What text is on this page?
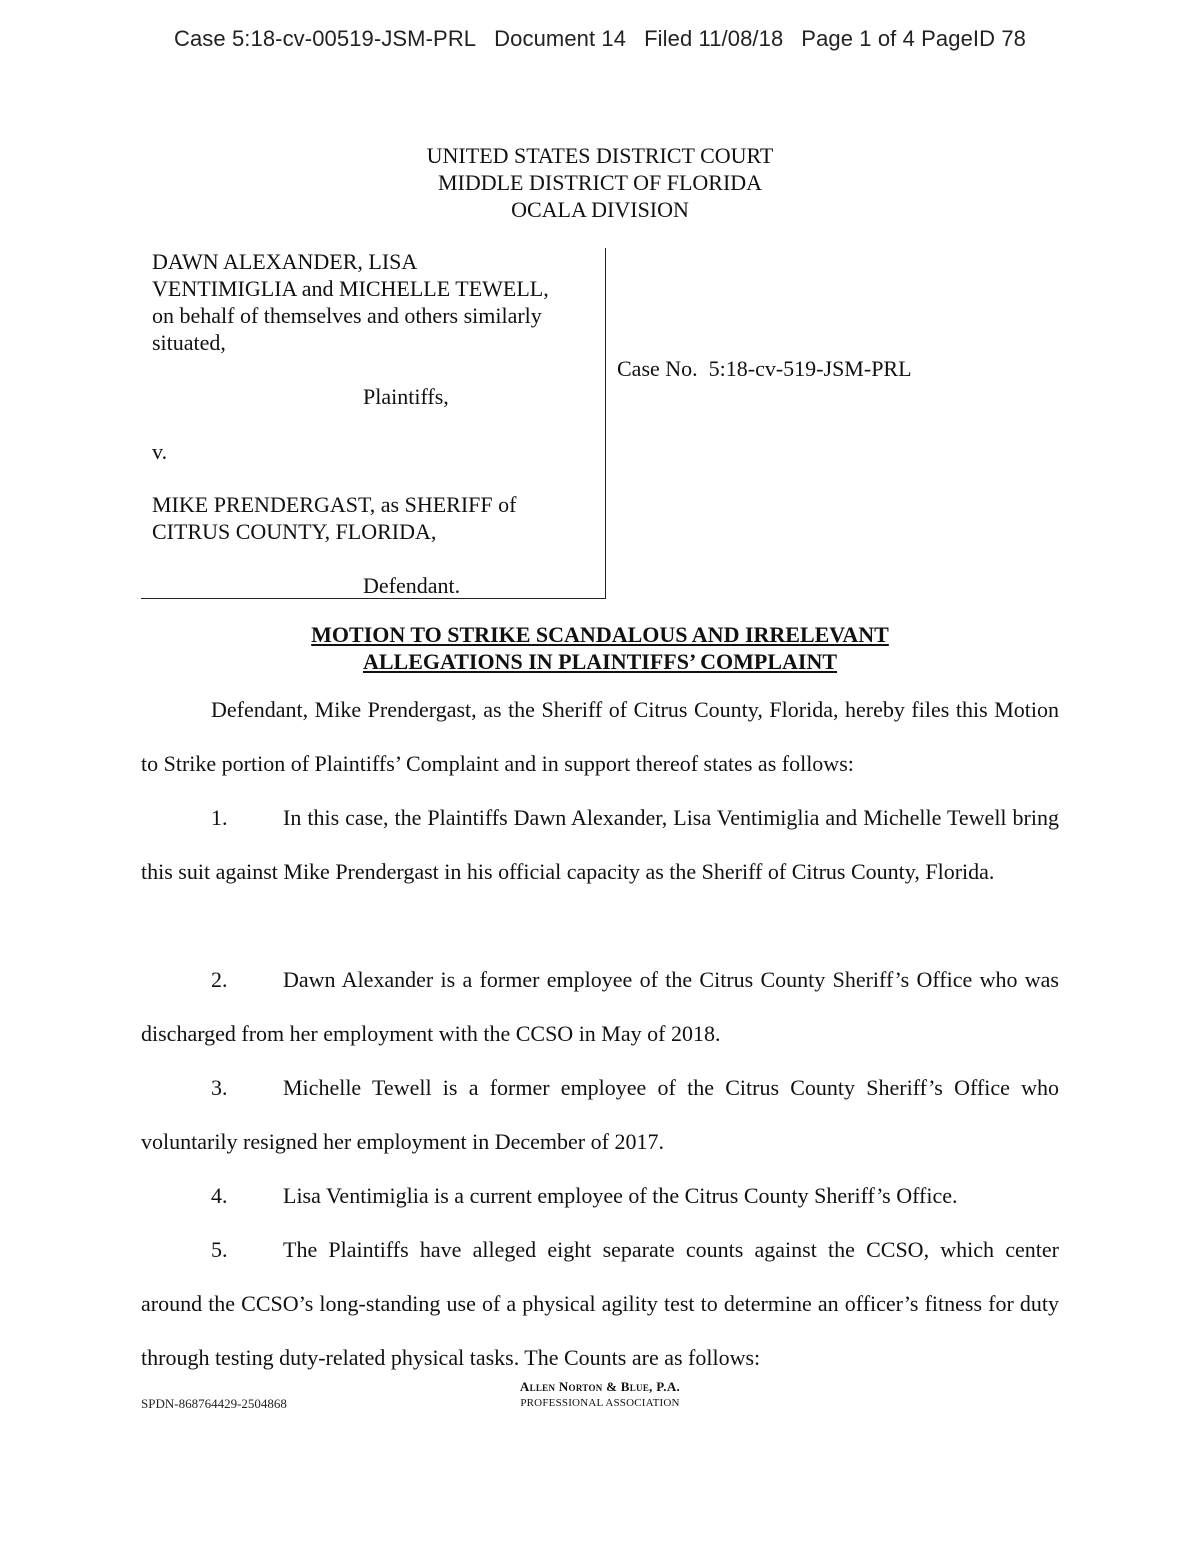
Case 5:18-cv-00519-JSM-PRL Document 14 Filed 11/08/18 Page 1 of 4 PageID 78
UNITED STATES DISTRICT COURT
MIDDLE DISTRICT OF FLORIDA
OCALA DIVISION
DAWN ALEXANDER, LISA
VENTIMIGLIA and MICHELLE TEWELL,
on behalf of themselves and others similarly
situated,
Plaintiffs,
v.
MIKE PRENDERGAST, as SHERIFF of
CITRUS COUNTY, FLORIDA,
Defendant.
Case No.  5:18-cv-519-JSM-PRL
MOTION TO STRIKE SCANDALOUS AND IRRELEVANT
ALLEGATIONS IN PLAINTIFFS’ COMPLAINT
Defendant, Mike Prendergast, as the Sheriff of Citrus County, Florida, hereby files this Motion to Strike portion of Plaintiffs’ Complaint and in support thereof states as follows:
1.	In this case, the Plaintiffs Dawn Alexander, Lisa Ventimiglia and Michelle Tewell bring this suit against Mike Prendergast in his official capacity as the Sheriff of Citrus County, Florida.
2.	Dawn Alexander is a former employee of the Citrus County Sheriff’s Office who was discharged from her employment with the CCSO in May of 2018.
3.	Michelle Tewell is a former employee of the Citrus County Sheriff’s Office who voluntarily resigned her employment in December of 2017.
4.	Lisa Ventimiglia is a current employee of the Citrus County Sheriff’s Office.
5.	The Plaintiffs have alleged eight separate counts against the CCSO, which center around the CCSO’s long-standing use of a physical agility test to determine an officer’s fitness for duty through testing duty-related physical tasks. The Counts are as follows:
SPDN-868764429-2504868
Allen Norton & Blue, P.A.
PROFESSIONAL ASSOCIATION
